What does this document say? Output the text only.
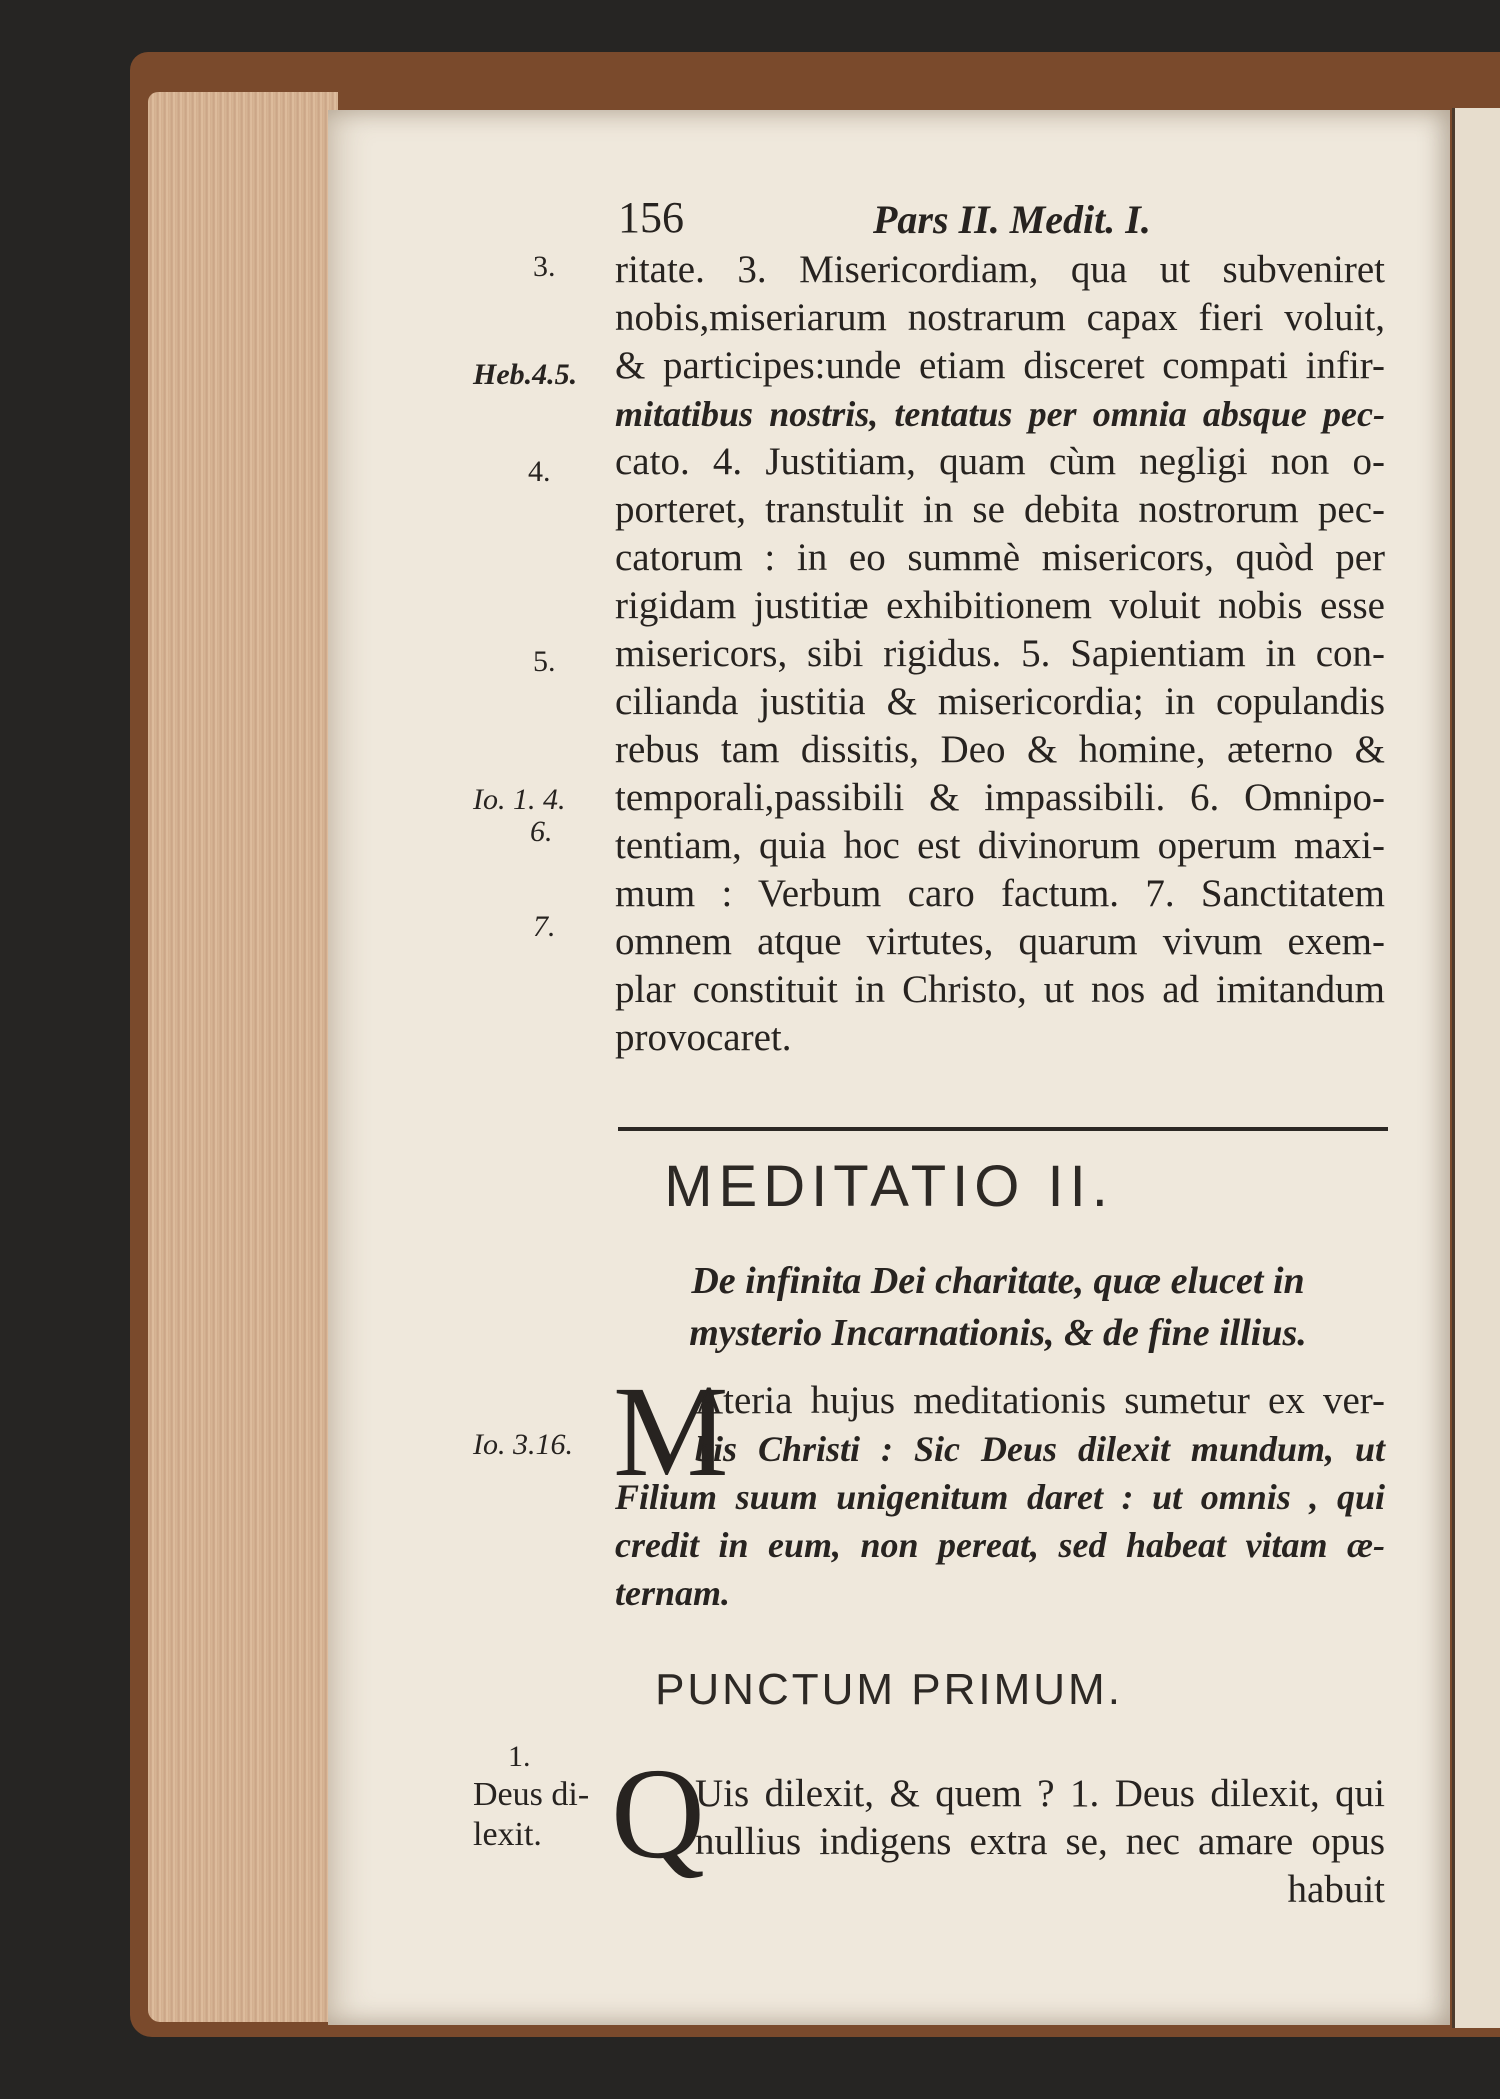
156	Pars II. Medit. I.
3.
Heb.4.5.
4.
5.
Io. 1. 4.
6.
7.
ritate. 3. Misericordiam, qua ut subveniret
nobis,miseriarum nostrarum capax fieri voluit,
& participes:unde etiam disceret compati infir-
mitatibus nostris, tentatus per omnia absque pec-
cato. 4. Justitiam, quam cùm negligi non o-
porteret, transtulit in se debita nostrorum pec-
catorum : in eo summè misericors, quòd per
rigidam justitiæ exhibitionem voluit nobis esse
misericors, sibi rigidus. 5. Sapientiam in con-
cilianda justitia & misericordia; in copulandis
rebus tam dissitis, Deo & homine, æterno &
temporali,passibili & impassibili. 6. Omnipo-
tentiam, quia hoc est divinorum operum maxi-
mum : Verbum caro factum. 7. Sanctitatem
omnem atque virtutes, quarum vivum exem-
plar constituit in Christo, ut nos ad imitandum
provocaret.
MEDITATIO II.
De infinita Dei charitate, quæ elucet in
mysterio Incarnationis, & de fine illius.
Io. 3.16. M
Ateria hujus meditationis sumetur ex ver-
bis Christi : Sic Deus dilexit mundum, ut
Filium suum unigenitum daret : ut omnis , qui
credit in eum, non pereat, sed habeat vitam æ-
ternam.
PUNCTUM PRIMUM.
1.
Deus di-
lexit. Q
Uis dilexit, & quem ? 1. Deus dilexit, qui
nullius indigens extra se, nec amare opus
habuit
